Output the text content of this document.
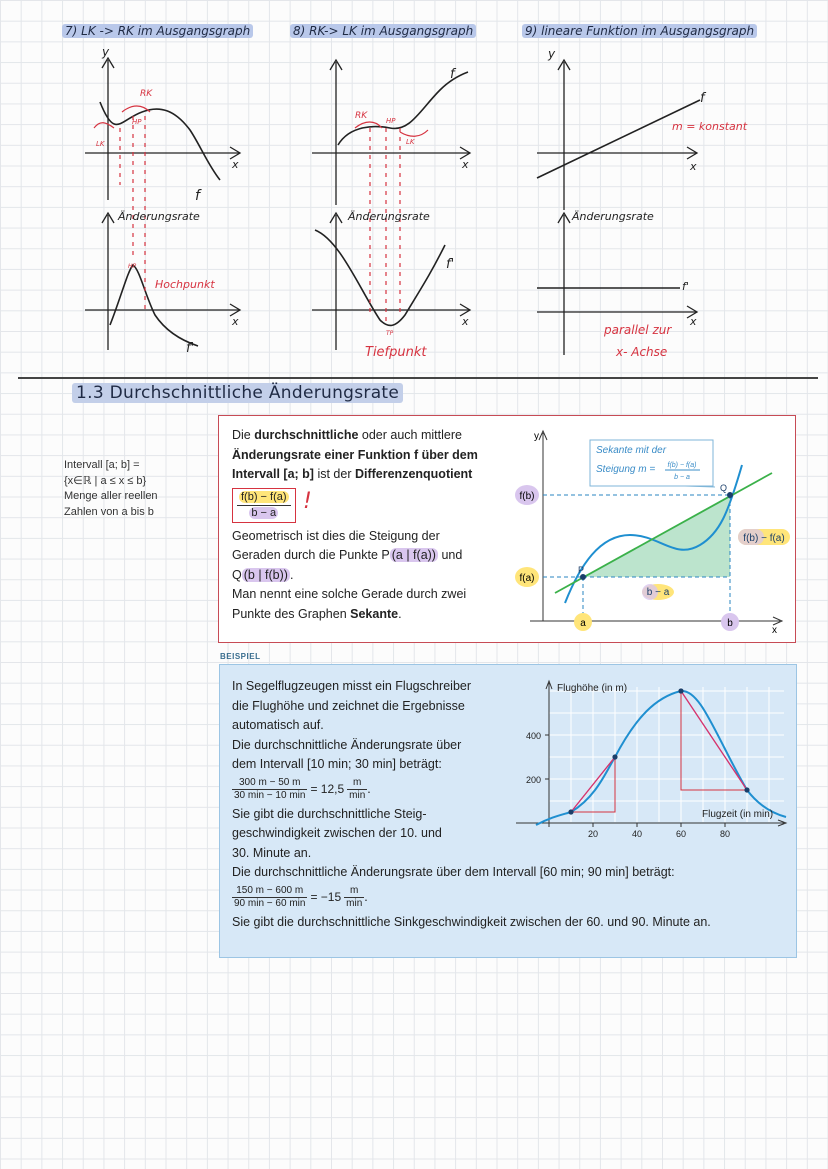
7) LK -> RK im Ausgangsgraph
RK
HP
LK
f
Änderungsrate
HP
Hochpunkt
f'
y
x
x
8) RK-> LK im Ausgangsgraph
f
RK	HP
LK
Änderungsrate
f'
TP
Tiefpunkt
x
x
9) lineare Funktion im Ausgangsgraph
y
f
m = konstant
Änderungsrate
f'
parallel zur
x- Achse
x
x
1.3 Durchschnittliche Änderungsrate
Intervall [a; b] =
{x∈ℝ | a ≤ x ≤ b}
Menge aller reellen
Zahlen von a bis b
Die durchschnittliche oder auch mittlere
Änderungsrate einer Funktion f über dem
Intervall [a; b] ist der Differenzenquotient
$\frac{f(b) - f(a)}{b - a}$ !
Geometrisch ist dies die Steigung der
Geraden durch die Punkte P (a | f(a)) und
Q (b | f(b)) .
Man nennt eine solche Gerade durch zwei
Punkte des Graphen Sekante.
Sekante mit der
Steigung m = f(b) − f(a)
b − a
y
x
f(b)
f(a)
P
Q
a	b
b − a
f(b) − f(a)
BEISPIEL
In Segelflugzeugen misst ein Flugschreiber
die Flughöhe und zeichnet die Ergebnisse
automatisch auf.
Die durchschnittliche Änderungsrate über
dem Intervall [10 min; 30 min] beträgt:
$\frac{300 m - 50 m}{30 \min - 10 \min} = 12,5 \frac{m}{\min}$ .
Sie gibt die durchschnittliche Steig-
geschwindigkeit zwischen der 10. und
30. Minute an.
Die durchschnittliche Änderungsrate über dem Intervall [60 min; 90 min] beträgt:
$\frac{150 m - 600 m}{90 \min - 60 \min} = -15 \frac{m}{\min}$ .
Sie gibt die durchschnittliche Sinkgeschwindigkeit zwischen der 60. und 90. Minute an.
Flughöhe (in m)
Flugzeit (in min)
400
200
20	40	60	80
